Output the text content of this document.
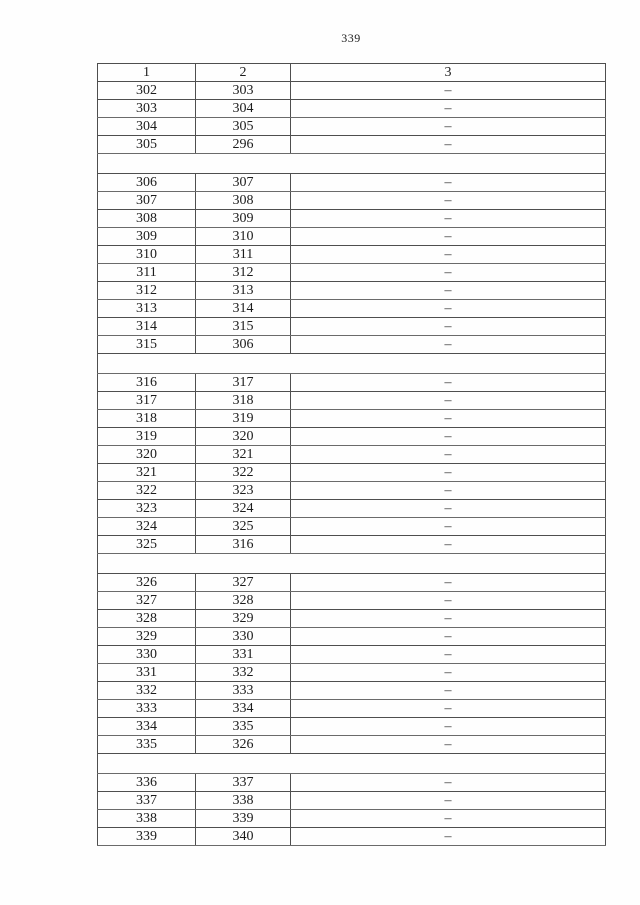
339
1	2	3
302	303	–
303	304	–
304	305	–
305	296	–

306	307	–
307	308	–
308	309	–
309	310	–
310	311	–
311	312	–
312	313	–
313	314	–
314	315	–
315	306	–

316	317	–
317	318	–
318	319	–
319	320	–
320	321	–
321	322	–
322	323	–
323	324	–
324	325	–
325	316	–

326	327	–
327	328	–
328	329	–
329	330	–
330	331	–
331	332	–
332	333	–
333	334	–
334	335	–
335	326	–

336	337	–
337	338	–
338	339	–
339	340	–
